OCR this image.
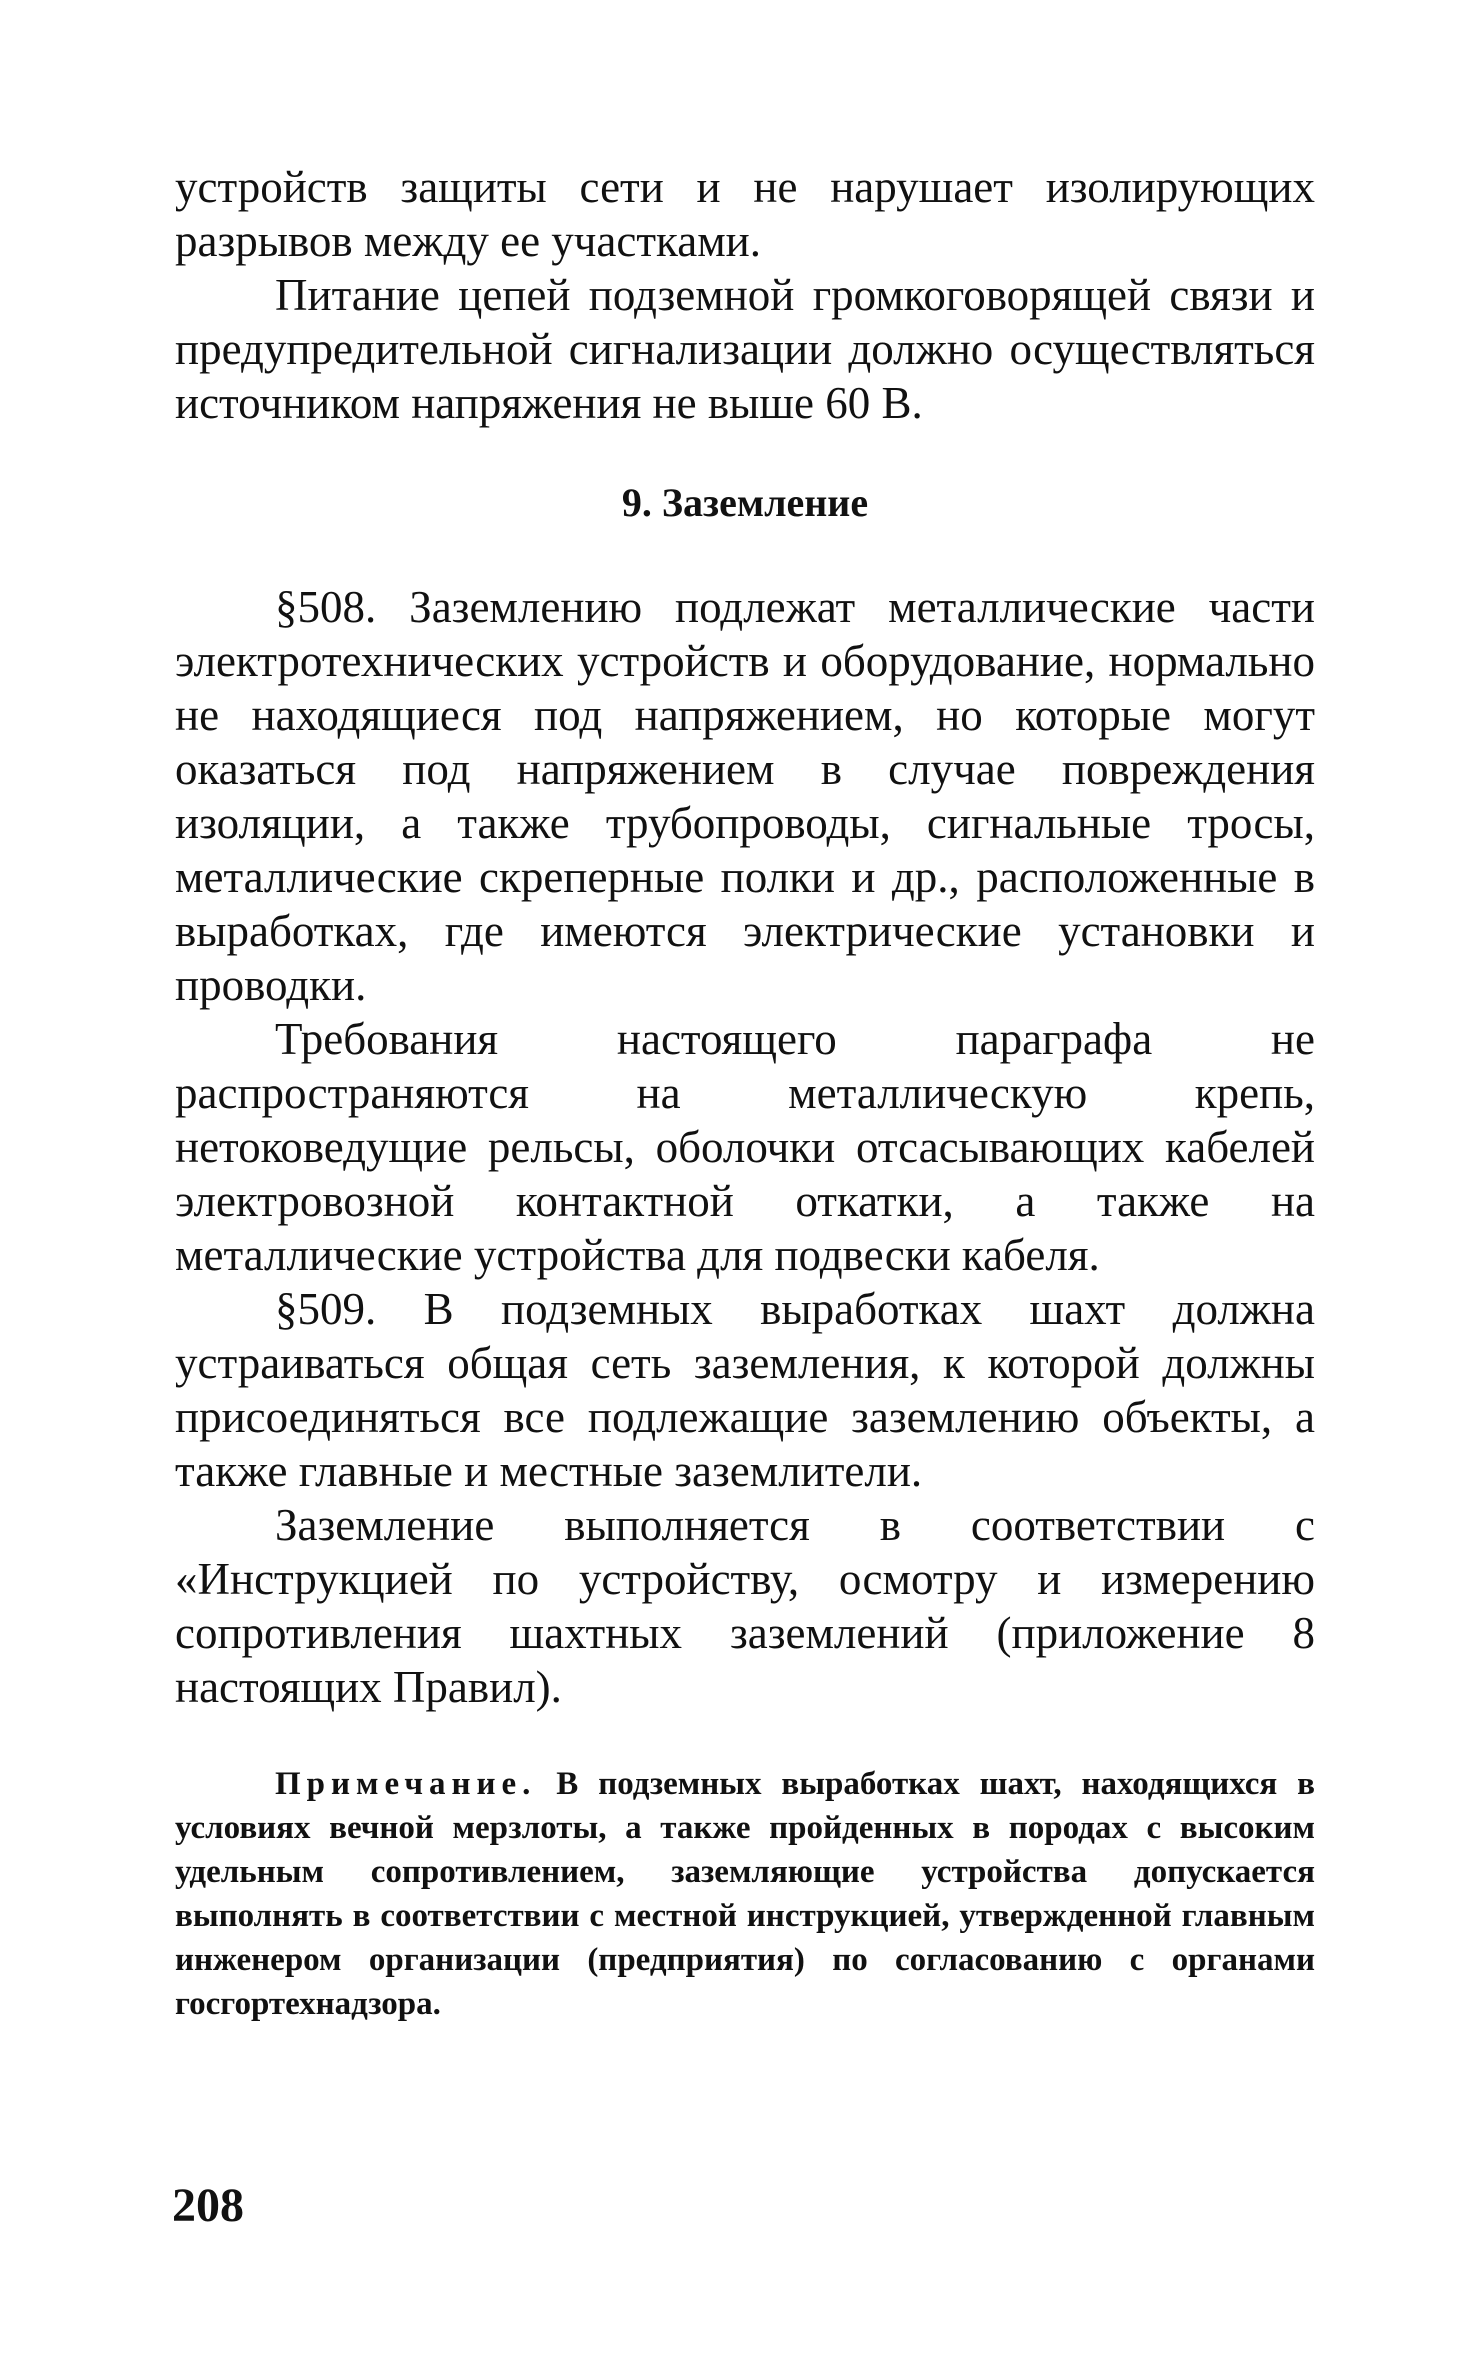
устройств защиты сети и не нарушает изолирующих разрывов между ее участками.

Питание цепей подземной громкоговорящей связи и предупредительной сигнализации должно осуществляться источником напряжения не выше 60 В.

9. Заземление

§508. Заземлению подлежат металлические части электротехнических устройств и оборудование, нормально не находящиеся под напряжением, но которые могут оказаться под напряжением в случае повреждения изоляции, а также трубопроводы, сигнальные тросы, металлические скреперные полки и др., расположенные в выработках, где имеются электрические установки и проводки.

Требования настоящего параграфа не распространяются на металлическую крепь, нетоковедущие рельсы, оболочки отсасывающих кабелей электровозной контактной откатки, а также на металлические устройства для подвески кабеля.

§509. В подземных выработках шахт должна устраиваться общая сеть заземления, к которой должны присоединяться все подлежащие заземлению объекты, а также главные и местные заземлители.

Заземление выполняется в соответствии с «Инструкцией по устройству, осмотру и измерению сопротивления шахтных заземлений (приложение 8 настоящих Правил).

Примечание. В подземных выработках шахт, находящихся в условиях вечной мерзлоты, а также пройденных в породах с высоким удельным сопротивлением, заземляющие устройства допускается выполнять в соответствии с местной инструкцией, утвержденной главным инженером организации (предприятия) по согласованию с органами госгортехнадзора.

208
